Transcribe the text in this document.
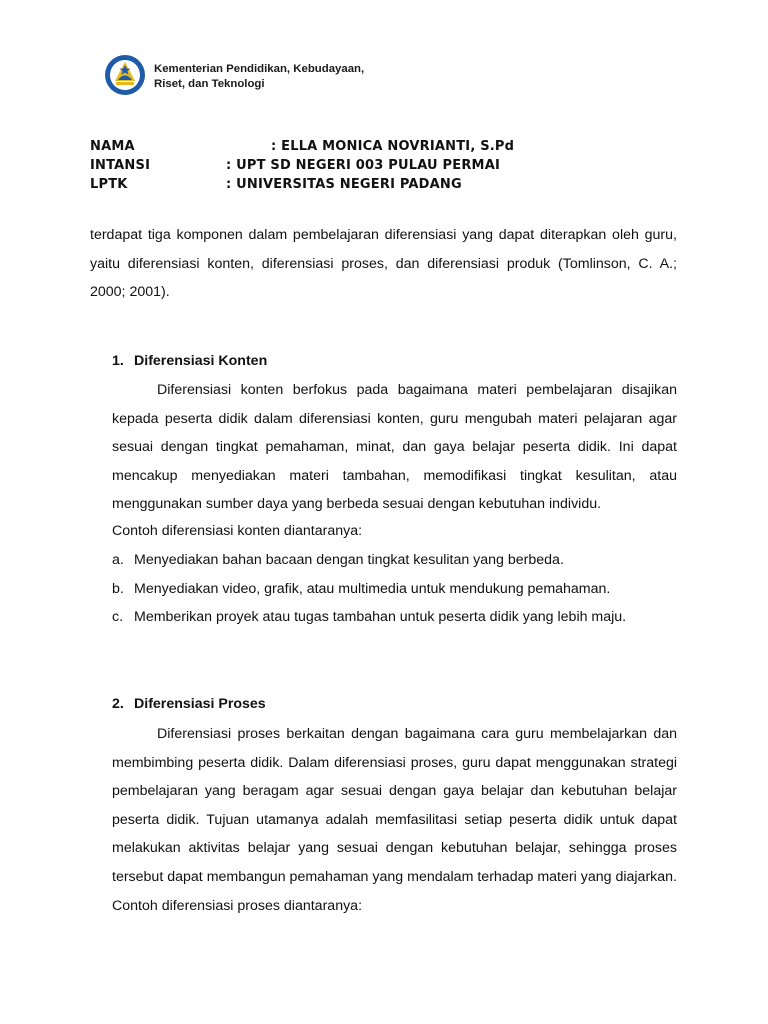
Kementerian Pendidikan, Kebudayaan,
Riset, dan Teknologi
NAMA	: ELLA MONICA NOVRIANTI, S.Pd
INTANSI	: UPT SD NEGERI 003 PULAU PERMAI
LPTK	: UNIVERSITAS NEGERI PADANG
terdapat tiga komponen dalam pembelajaran diferensiasi yang dapat diterapkan oleh guru, yaitu diferensiasi konten, diferensiasi proses, dan diferensiasi produk (Tomlinson, C. A.; 2000; 2001).
1. Diferensiasi Konten
Diferensiasi konten berfokus pada bagaimana materi pembelajaran disajikan kepada peserta didik dalam diferensiasi konten, guru mengubah materi pelajaran agar sesuai dengan tingkat pemahaman, minat, dan gaya belajar peserta didik. Ini dapat mencakup menyediakan materi tambahan, memodifikasi tingkat kesulitan, atau menggunakan sumber daya yang berbeda sesuai dengan kebutuhan individu.
Contoh diferensiasi konten diantaranya:
a. Menyediakan bahan bacaan dengan tingkat kesulitan yang berbeda.
b. Menyediakan video, grafik, atau multimedia untuk mendukung pemahaman.
c. Memberikan proyek atau tugas tambahan untuk peserta didik yang lebih maju.
2. Diferensiasi Proses
Diferensiasi proses berkaitan dengan bagaimana cara guru membelajarkan dan membimbing peserta didik. Dalam diferensiasi proses, guru dapat menggunakan strategi pembelajaran yang beragam agar sesuai dengan gaya belajar dan kebutuhan belajar peserta didik. Tujuan utamanya adalah memfasilitasi setiap peserta didik untuk dapat melakukan aktivitas belajar yang sesuai dengan kebutuhan belajar, sehingga proses tersebut dapat membangun pemahaman yang mendalam terhadap materi yang diajarkan. Contoh diferensiasi proses diantaranya:
